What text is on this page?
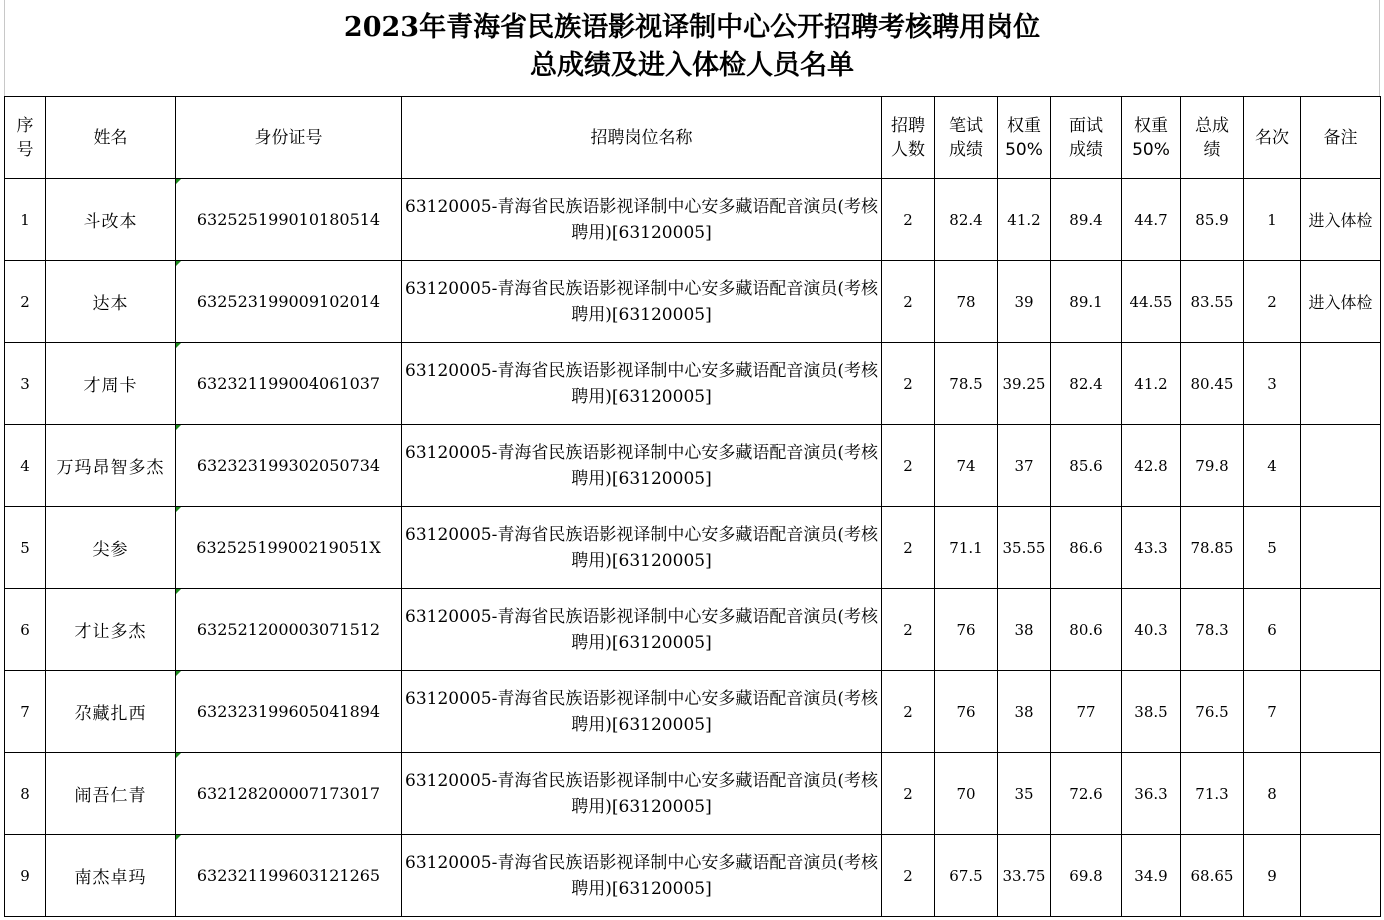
2023年青海省民族语影视译制中心公开招聘考核聘用岗位
总成绩及进入体检人员名单
序号	姓名	身份证号	招聘岗位名称	招聘人数	笔试成绩	权重50%	面试成绩	权重50%	总成绩	名次	备注
1	斗改本	632525199010180514	63120005-青海省民族语影视译制中心安多藏语配音演员(考核聘用)[63120005]	2	82.4	41.2	89.4	44.7	85.9	1	进入体检
2	达本	632523199009102014	63120005-青海省民族语影视译制中心安多藏语配音演员(考核聘用)[63120005]	2	78	39	89.1	44.55	83.55	2	进入体检
3	才周卡	632321199004061037	63120005-青海省民族语影视译制中心安多藏语配音演员(考核聘用)[63120005]	2	78.5	39.25	82.4	41.2	80.45	3	
4	万玛昂智多杰	632323199302050734	63120005-青海省民族语影视译制中心安多藏语配音演员(考核聘用)[63120005]	2	74	37	85.6	42.8	79.8	4	
5	尖参	63252519900219051X	63120005-青海省民族语影视译制中心安多藏语配音演员(考核聘用)[63120005]	2	71.1	35.55	86.6	43.3	78.85	5	
6	才让多杰	632521200003071512	63120005-青海省民族语影视译制中心安多藏语配音演员(考核聘用)[63120005]	2	76	38	80.6	40.3	78.3	6	
7	尕藏扎西	632323199605041894	63120005-青海省民族语影视译制中心安多藏语配音演员(考核聘用)[63120005]	2	76	38	77	38.5	76.5	7	
8	闹吾仁青	632128200007173017	63120005-青海省民族语影视译制中心安多藏语配音演员(考核聘用)[63120005]	2	70	35	72.6	36.3	71.3	8	
9	南杰卓玛	632321199603121265	63120005-青海省民族语影视译制中心安多藏语配音演员(考核聘用)[63120005]	2	67.5	33.75	69.8	34.9	68.65	9	
